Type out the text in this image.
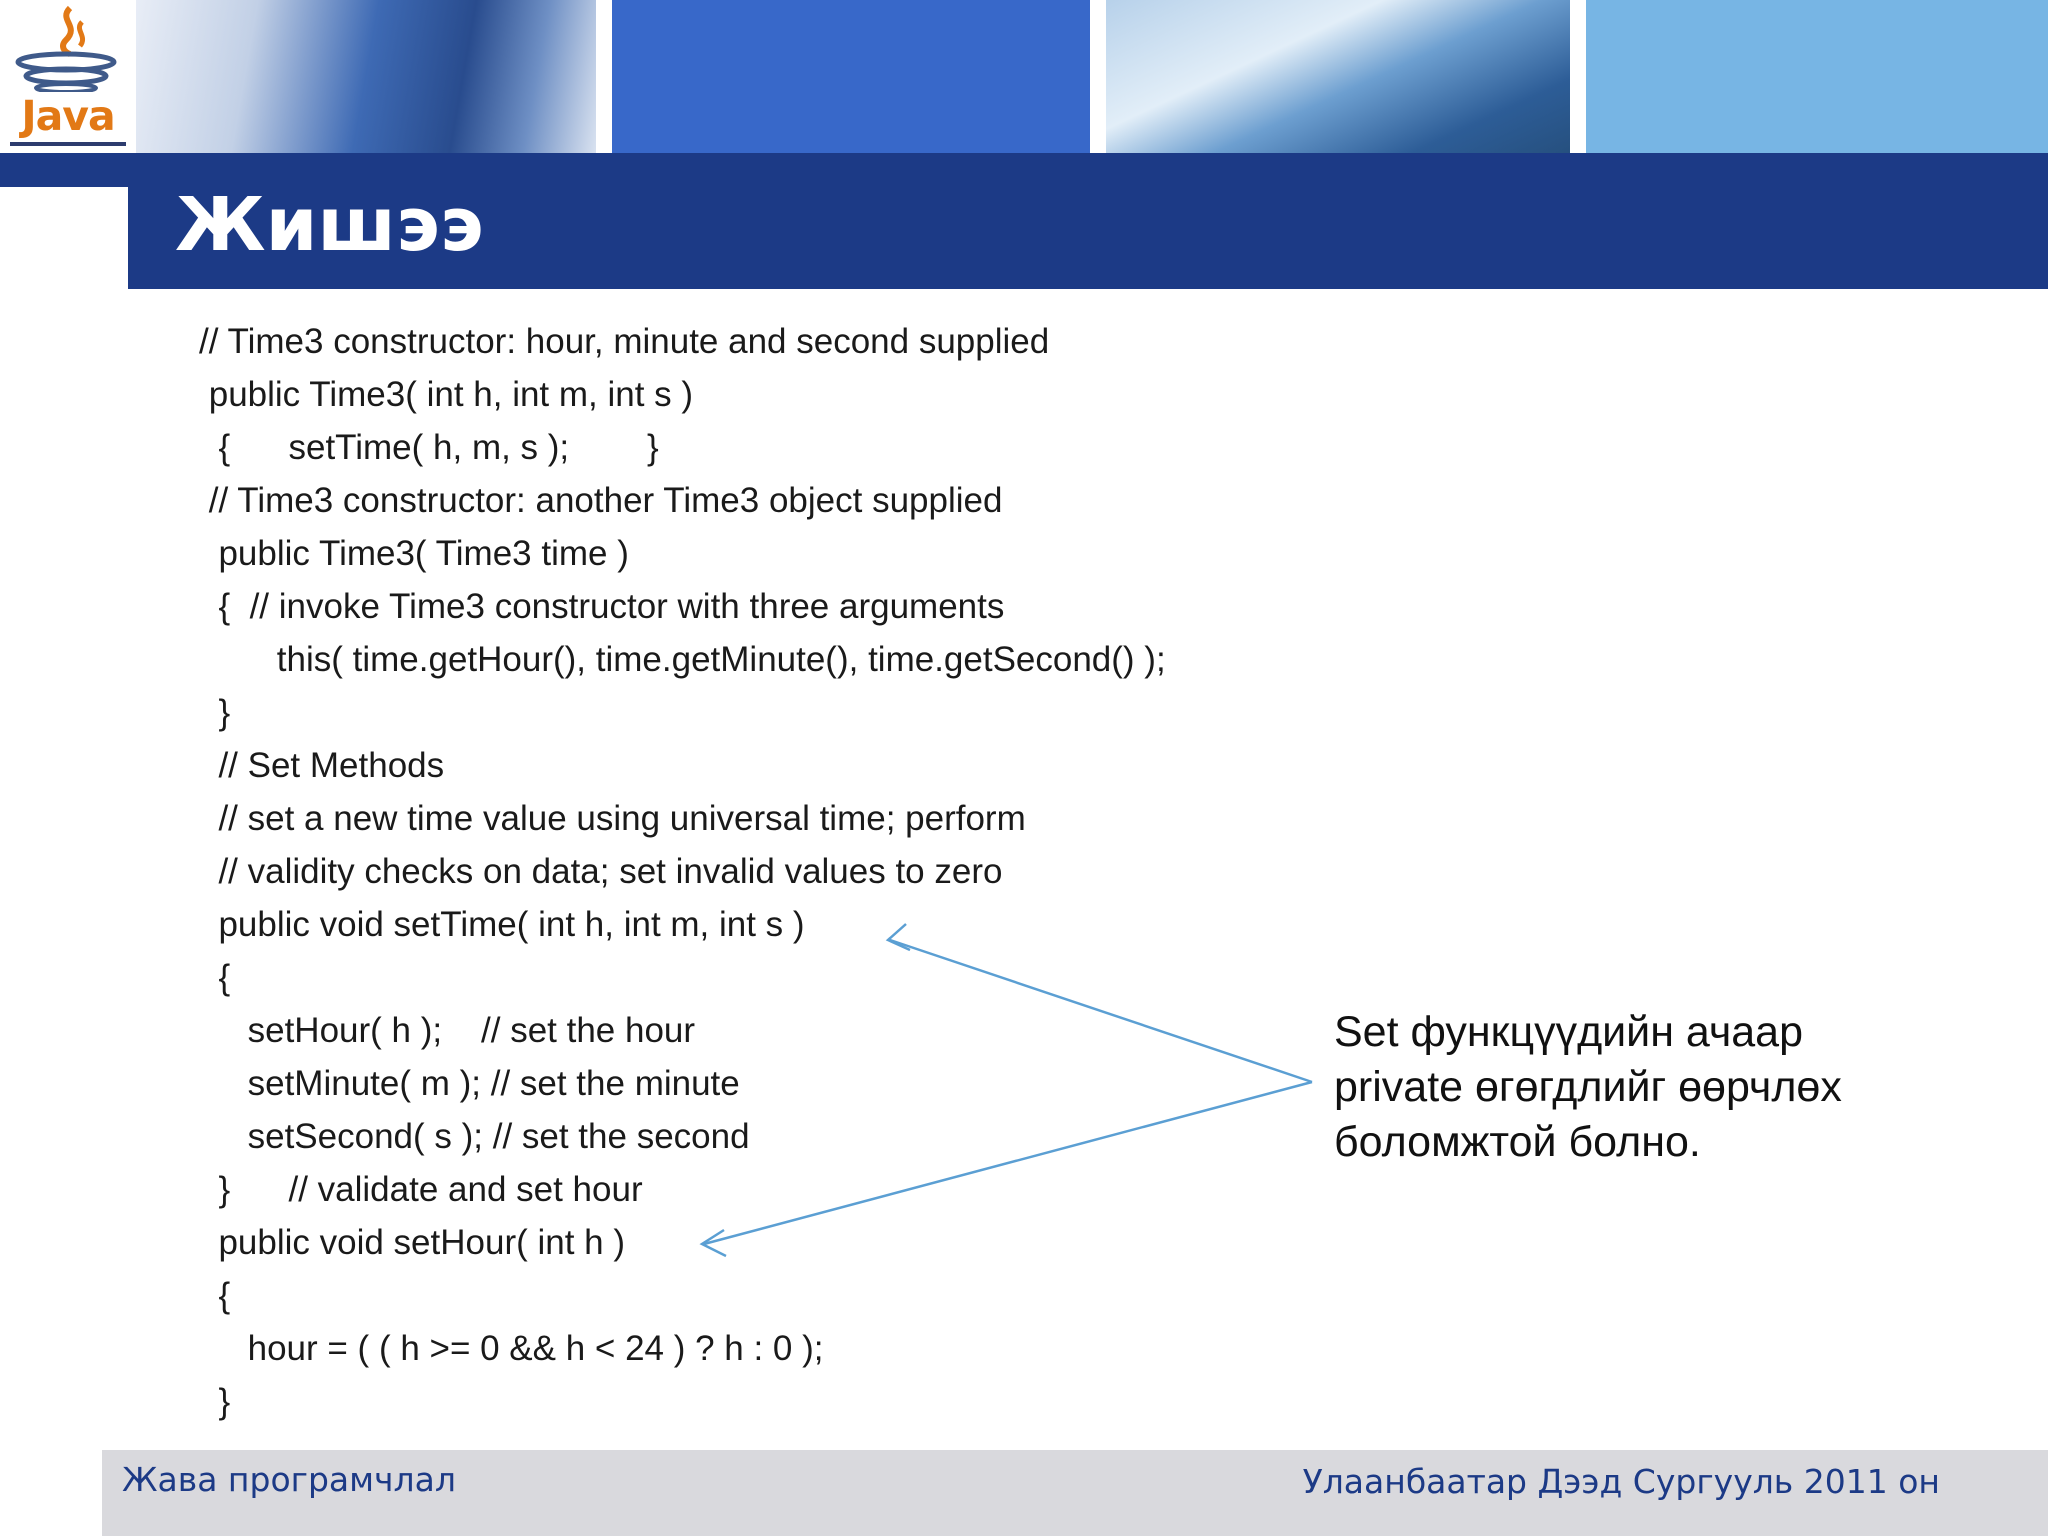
Java
Жишээ
// Time3 constructor: hour, minute and second supplied
public Time3( int h, int m, int s )
{      setTime( h, m, s );        }
// Time3 constructor: another Time3 object supplied
public Time3( Time3 time )
{  // invoke Time3 constructor with three arguments
this( time.getHour(), time.getMinute(), time.getSecond() );
}
// Set Methods
// set a new time value using universal time; perform
// validity checks on data; set invalid values to zero
public void setTime( int h, int m, int s )
{
setHour( h );    // set the hour
setMinute( m ); // set the minute
setSecond( s ); // set the second
}      // validate and set hour
public void setHour( int h )
{
hour = ( ( h >= 0 && h < 24 ) ? h : 0 );
}
Set функцүүдийн ачаар
private өгөгдлийг өөрчлөх
боломжтой болно.
Жава програмчлал	Улаанбаатар Дээд Сургууль 2011 он
